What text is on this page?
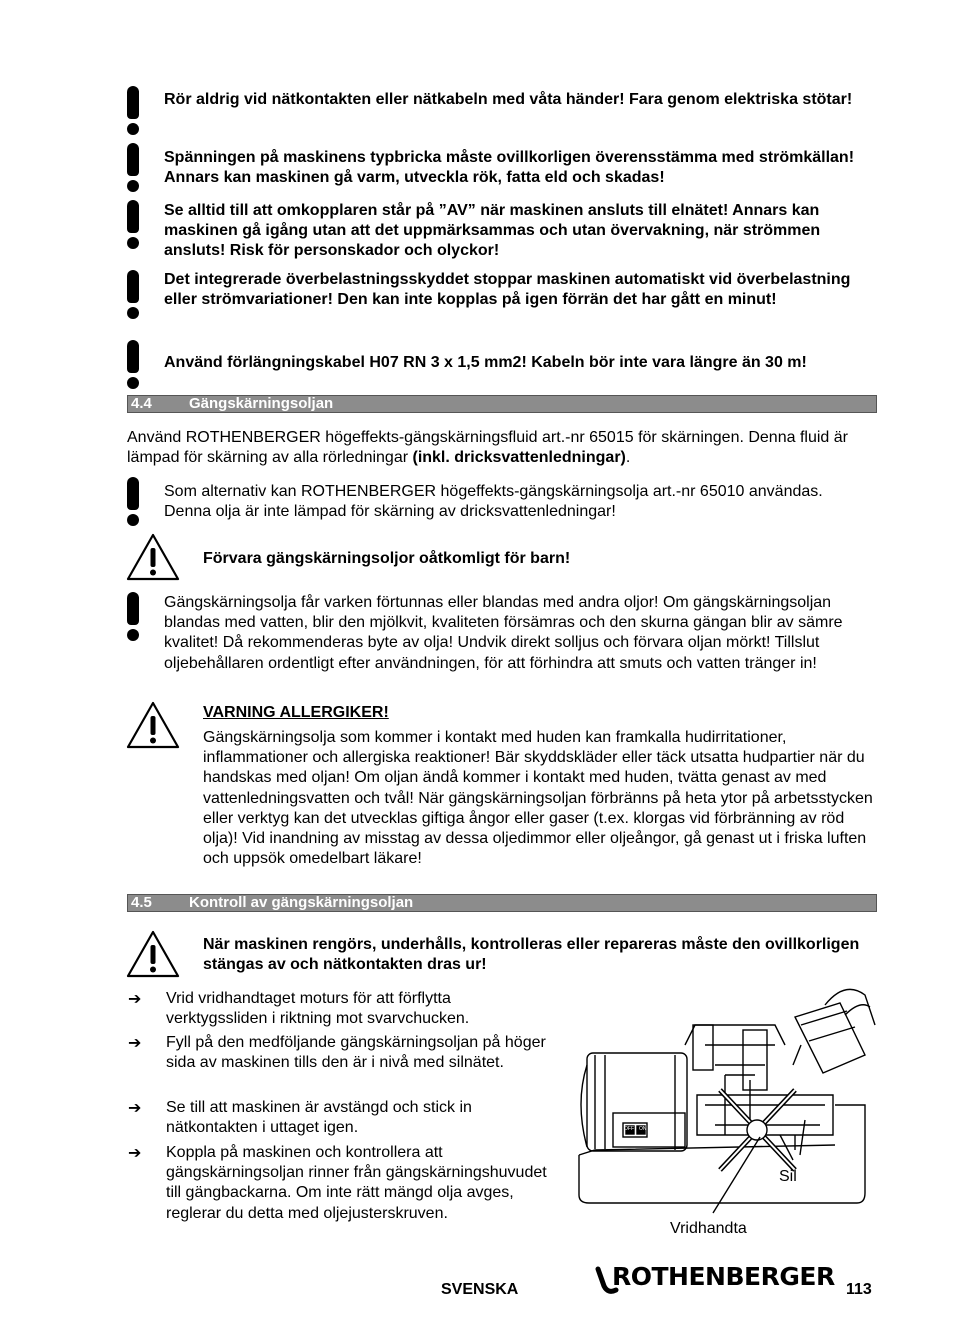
Rör aldrig vid nätkontakten eller nätkabeln med våta händer! Fara genom elektriska stötar!
Spänningen på maskinens typbricka måste ovillkorligen överensstämma med strömkällan! Annars kan maskinen gå varm, utveckla rök, fatta eld och skadas!
Se alltid till att omkopplaren står på ”AV” när maskinen ansluts till elnätet! Annars kan maskinen gå igång utan att det uppmärksammas och utan övervakning, när strömmen ansluts! Risk för personskador och olyckor!
Det integrerade överbelastningsskyddet stoppar maskinen automatiskt vid överbelastning eller strömvariationer! Den kan inte kopplas på igen förrän det har gått en minut!
Använd förlängningskabel H07 RN 3 x 1,5 mm2! Kabeln bör inte vara längre än 30 m!
4.4 Gängskärningsoljan
Använd ROTHENBERGER högeffekts-gängskärningsfluid art.-nr 65015 för skärningen. Denna fluid är lämpad för skärning av alla rörledningar (inkl. dricksvattenledningar).
Som alternativ kan ROTHENBERGER högeffekts-gängskärningsolja art.-nr 65010 användas. Denna olja är inte lämpad för skärning av dricksvattenledningar!
Förvara gängskärningsoljor oåtkomligt för barn!
Gängskärningsolja får varken förtunnas eller blandas med andra oljor! Om gängskärningsoljan blandas med vatten, blir den mjölkvit, kvaliteten försämras och den skurna gängan blir av sämre kvalitet! Då rekommenderas byte av olja! Undvik direkt solljus och förvara oljan mörkt! Tillslut oljebehållaren ordentligt efter användningen, för att förhindra att smuts och vatten tränger in!
VARNING ALLERGIKER!
Gängskärningsolja som kommer i kontakt med huden kan framkalla hudirritationer, inflammationer och allergiska reaktioner! Bär skyddskläder eller täck utsatta hudpartier när du handskas med oljan! Om oljan ändå kommer i kontakt med huden, tvätta genast av med vattenledningsvatten och tvål! När gängskärningsoljan förbränns på heta ytor på arbetsstycken eller verktyg kan det utvecklas giftiga ångor eller gaser (t.ex. klorgas vid förbränning av röd olja)! Vid inandning av misstag av dessa oljedimmor eller oljeångor, gå genast ut i friska luften och uppsök omedelbart läkare!
4.5 Kontroll av gängskärningsoljan
När maskinen rengörs, underhålls, kontrolleras eller repareras måste den ovillkorligen stängas av och nätkontakten dras ur!
➔ Vrid vridhandtaget moturs för att förflytta verktygssliden i riktning mot svarvchucken.
➔ Fyll på den medföljande gängskärningsoljan på höger sida av maskinen tills den är i nivå med silnätet.
➔ Se till att maskinen är avstängd och stick in nätkontakten i uttaget igen.
➔ Koppla på maskinen och kontrollera att gängskärningsoljan rinner från gängskärningshuvudet till gängbackarna. Om inte rätt mängd olja avges, reglerar du detta med oljejusterskruven.
Sil
Vridhandta
OFF ON
SVENSKA	ROTHENBERGER 113
